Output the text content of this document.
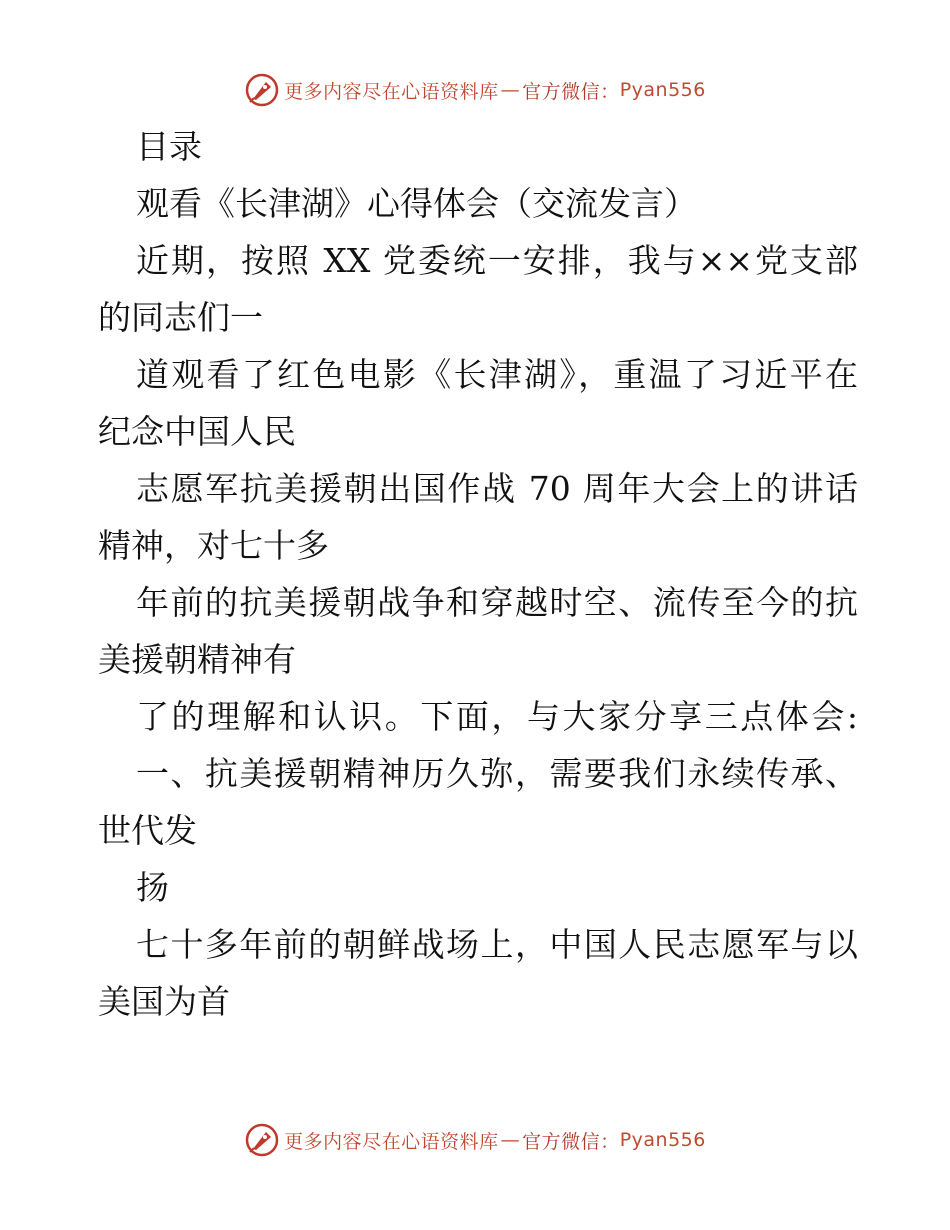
更多内容尽在心语资料库 — 官方微信： Pyan556

目录

观看《长津湖》心得体会（交流发言）

近期，按照 XX 党委统一安排，我与××党支部

的同志们一

道观看了红色电影《长津湖》，重温了习近平在

纪念中国人民

志愿军抗美援朝出国作战 70 周年大会上的讲话

精神，对七十多

年前的抗美援朝战争和穿越时空、流传至今的抗

美援朝精神有

了的理解和认识。下面，与大家分享三点体会:

一、抗美援朝精神历久弥，需要我们永续传承、

世代发

扬

七十多年前的朝鲜战场上，中国人民志愿军与以

美国为首

更多内容尽在心语资料库 — 官方微信： Pyan556
